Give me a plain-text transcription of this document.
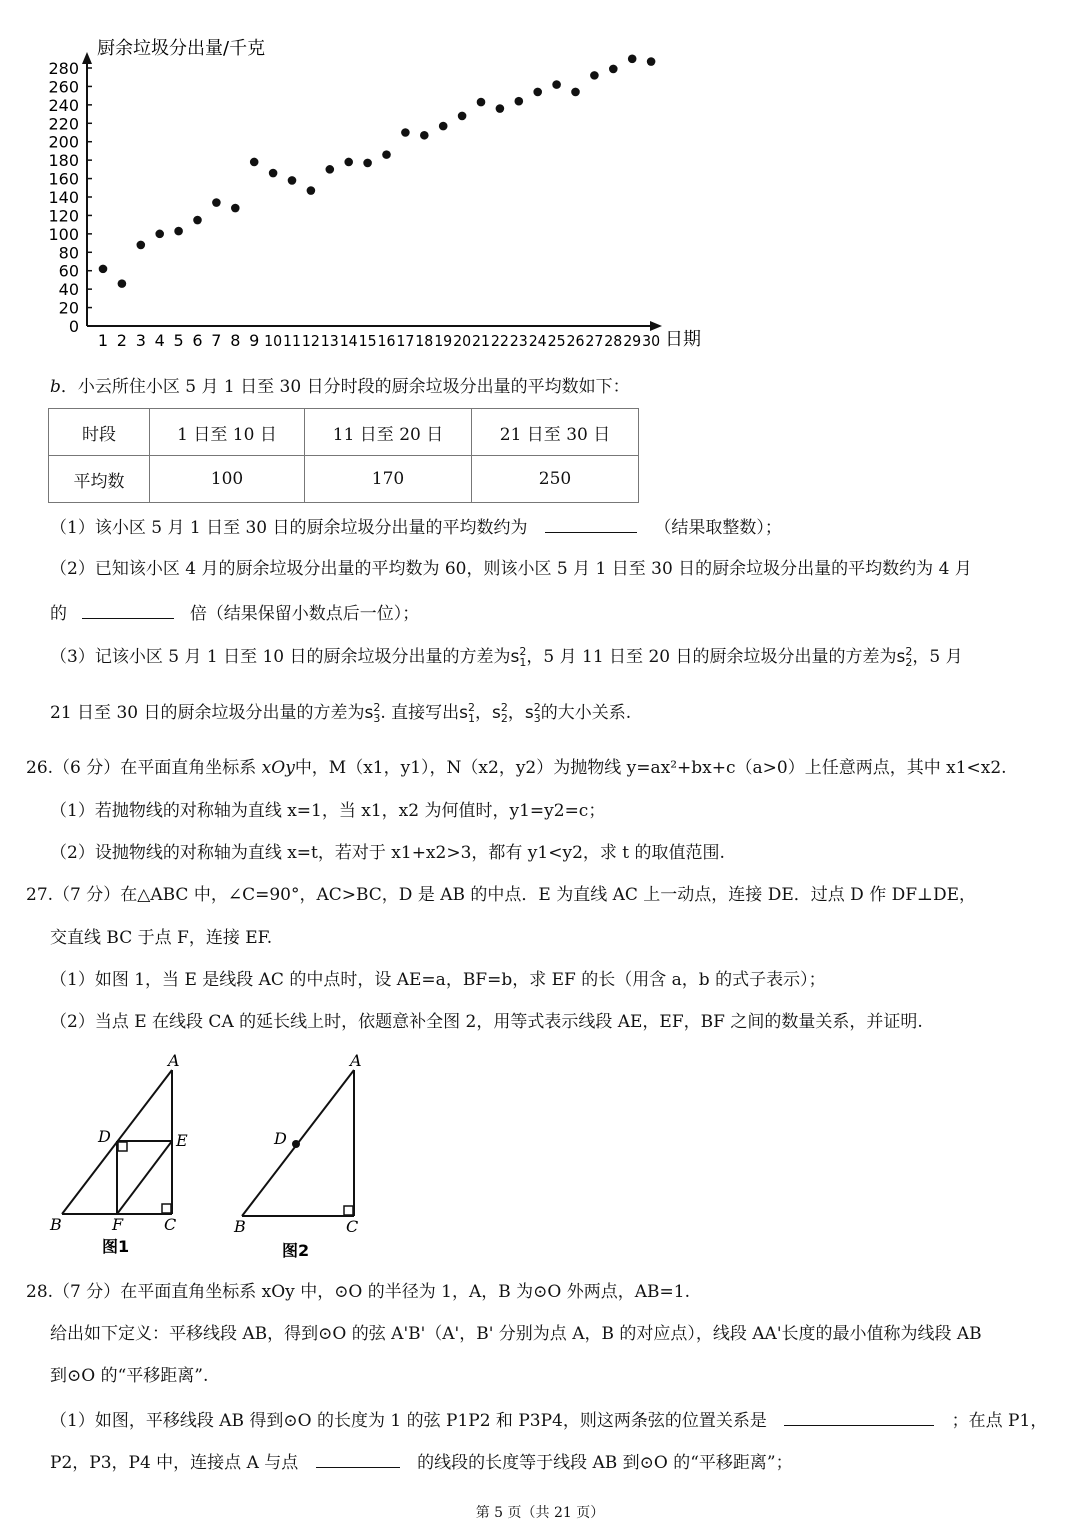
0
20
40
60
80
100
120
140
160
180
200
220
240
260
280
1 2 3 4 5 6 7 8 9 10 11 12 13 14 15 16 17 18 19 20 21 22 23 24 25 26 27 28 29 30
厨余垃圾分出量/千克
日期
b．小云所住小区 5 月 1 日至 30 日分时段的厨余垃圾分出量的平均数如下：
时段	1 日至 10 日	11 日至 20 日	21 日至 30 日
平均数	100	170	250
（1）该小区 5 月 1 日至 30 日的厨余垃圾分出量的平均数约为	（结果取整数）；
（2）已知该小区 4 月的厨余垃圾分出量的平均数为 60，则该小区 5 月 1 日至 30 日的厨余垃圾分出量的平均数约为 4 月
的	倍（结果保留小数点后一位）；
（3）记该小区 5 月 1 日至 10 日的厨余垃圾分出量的方差为s2
1，5 月 11 日至 20 日的厨余垃圾分出量的方差为s2
2，5 月
21 日至 30 日的厨余垃圾分出量的方差为s2
3. 直接写出s2
1，s2
2，s2
3的大小关系.
26.（6 分）在平面直角坐标系 xOy中，M（x1，y1），N（x2，y2）为抛物线 y=ax²+bx+c（a>0）上任意两点，其中 x1<x2.
（1）若抛物线的对称轴为直线 x=1，当 x1，x2 为何值时，y1=y2=c；
（2）设抛物线的对称轴为直线 x=t，若对于 x1+x2>3，都有 y1<y2，求 t 的取值范围.
27.（7 分）在△ABC 中，∠C=90°，AC>BC，D 是 AB 的中点．E 为直线 AC 上一动点，连接 DE．过点 D 作 DF⊥DE，
交直线 BC 于点 F，连接 EF.
（1）如图 1，当 E 是线段 AC 的中点时，设 AE=a，BF=b，求 EF 的长（用含 a，b 的式子表示）；
（2）当点 E 在线段 CA 的延长线上时，依题意补全图 2，用等式表示线段 AE，EF，BF 之间的数量关系，并证明.
A
B	C
D	E
F
图1
A
B	C
D
图2
28.（7 分）在平面直角坐标系 xOy 中，⊙O 的半径为 1，A，B 为⊙O 外两点，AB=1.
给出如下定义：平移线段 AB，得到⊙O 的弦 A'B'（A'，B' 分别为点 A，B 的对应点），线段 AA'长度的最小值称为线段 AB
到⊙O 的“平移距离”.
（1）如图，平移线段 AB 得到⊙O 的长度为 1 的弦 P1P2 和 P3P4，则这两条弦的位置关系是	；在点 P1，
P2，P3，P4 中，连接点 A 与点	的线段的长度等于线段 AB 到⊙O 的“平移距离”；
第 5 页（共 21 页）
